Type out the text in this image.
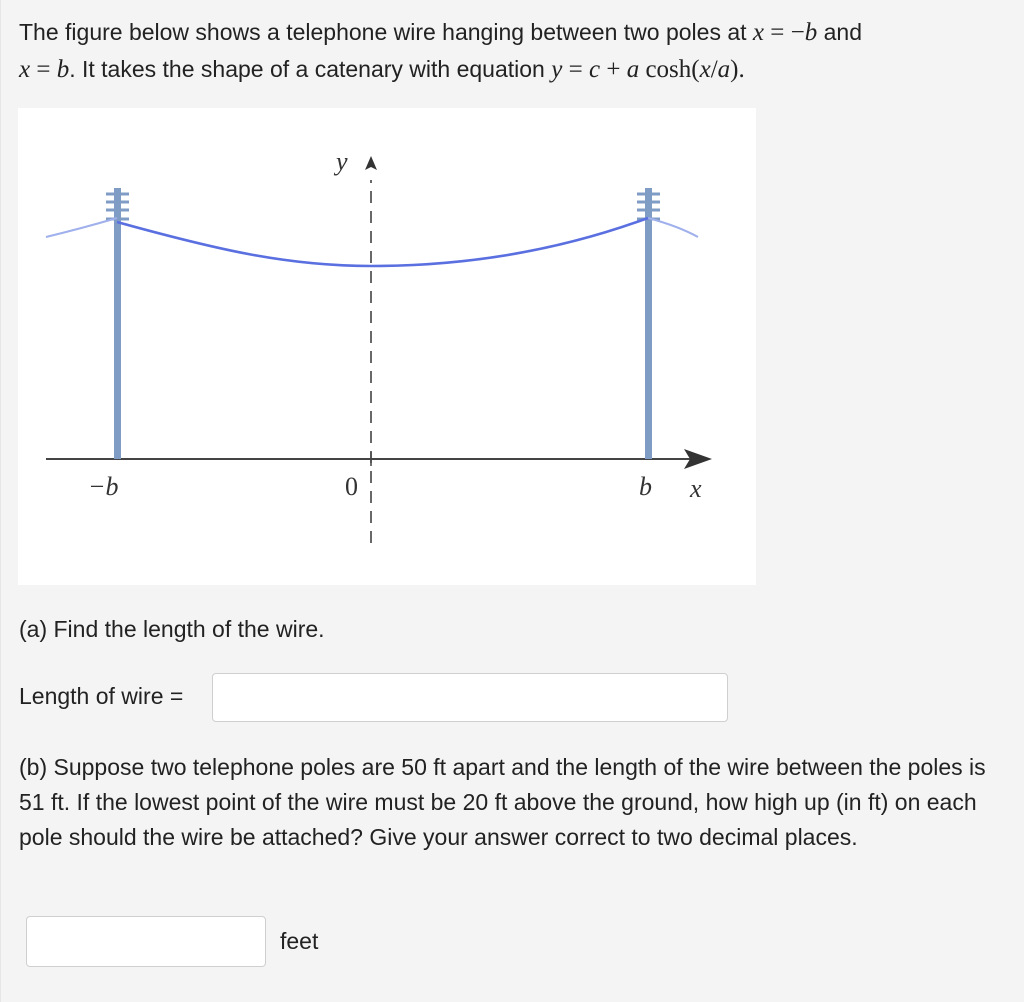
The figure below shows a telephone wire hanging between two poles at x = −b and
x = b. It takes the shape of a catenary with equation y = c + a cosh(x/a).
−b	0	b x
y
(a) Find the length of the wire.
Length of wire =
(b) Suppose two telephone poles are 50 ft apart and the length of the wire between the poles is 51 ft. If the lowest point of the wire must be 20 ft above the ground, how high up (in ft) on each pole should the wire be attached? Give your answer correct to two decimal places.
feet
